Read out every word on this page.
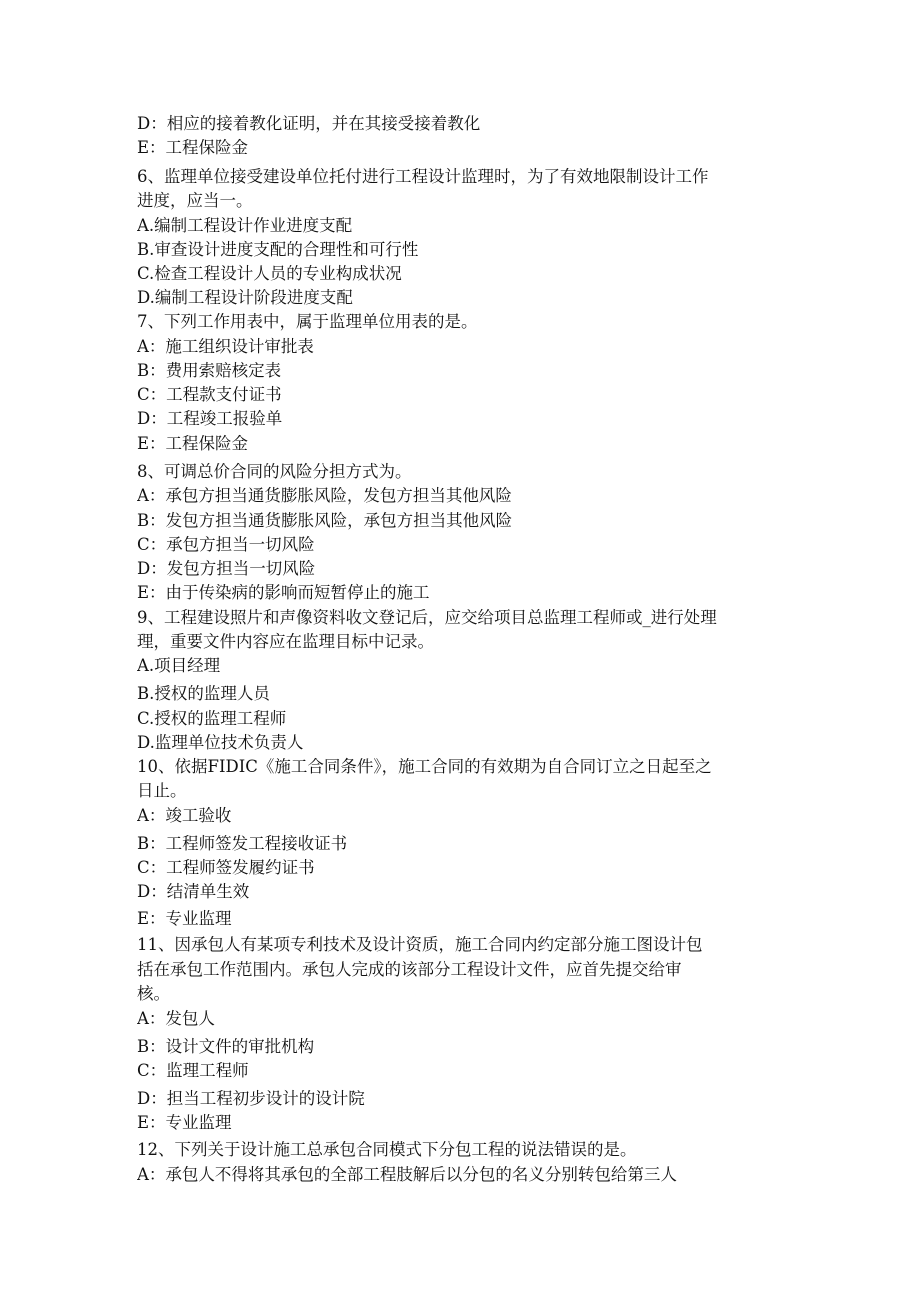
D：相应的接着教化证明，并在其接受接着教化
E：工程保险金
6、监理单位接受建设单位托付进行工程设计监理时，为了有效地限制设计工作
进度，应当一。
A.编制工程设计作业进度支配
B.审查设计进度支配的合理性和可行性
C.检查工程设计人员的专业构成状况
D.编制工程设计阶段进度支配
7、下列工作用表中，属于监理单位用表的是。
A：施工组织设计审批表
B：费用索赔核定表
C：工程款支付证书
D：工程竣工报验单
E：工程保险金
8、可调总价合同的风险分担方式为。
A：承包方担当通货膨胀风险，发包方担当其他风险
B：发包方担当通货膨胀风险，承包方担当其他风险
C：承包方担当一切风险
D：发包方担当一切风险
E：由于传染病的影响而短暂停止的施工
9、工程建设照片和声像资料收文登记后，应交给项目总监理工程师或_进行处理
理，重要文件内容应在监理目标中记录。
A.项目经理
B.授权的监理人员
C.授权的监理工程师
D.监理单位技术负责人
10、依据FIDIC《施工合同条件》，施工合同的有效期为自合同订立之日起至之
日止。
A：竣工验收
B：工程师签发工程接收证书
C：工程师签发履约证书
D：结清单生效
E：专业监理
11、因承包人有某项专利技术及设计资质，施工合同内约定部分施工图设计包
括在承包工作范围内。承包人完成的该部分工程设计文件，应首先提交给审
核。
A：发包人
B：设计文件的审批机构
C：监理工程师
D：担当工程初步设计的设计院
E：专业监理
12、下列关于设计施工总承包合同模式下分包工程的说法错误的是。
A：承包人不得将其承包的全部工程肢解后以分包的名义分别转包给第三人
